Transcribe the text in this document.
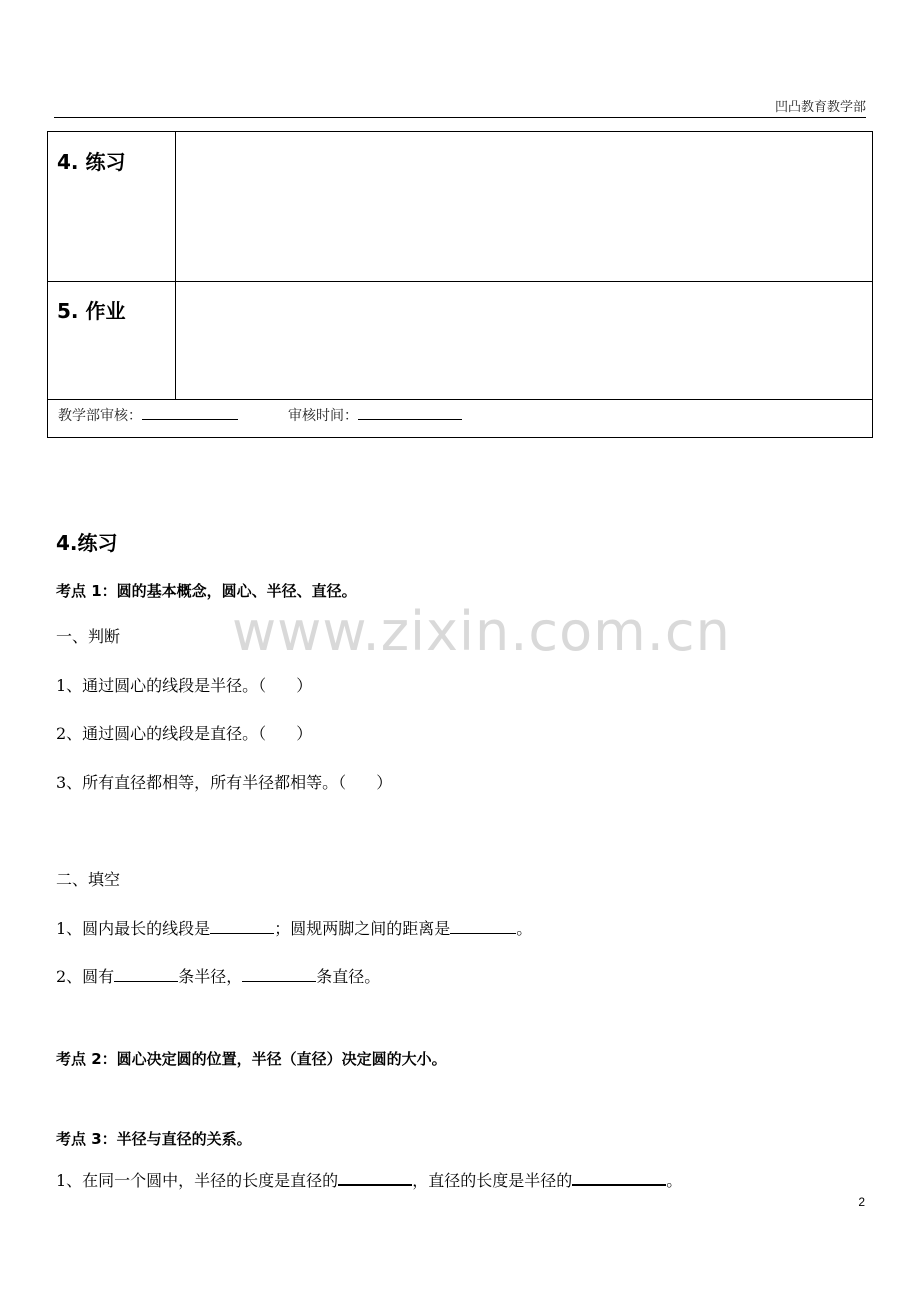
凹凸教育教学部
4. 练习
5. 作业
教学部审核：	审核时间：
www.zixin.com.cn
4.练习
考点 1：圆的基本概念，圆心、半径、直径。
一、判断
1、通过圆心的线段是半径。（ ）
2、通过圆心的线段是直径。（ ）
3、所有直径都相等，所有半径都相等。（ ）
二、填空
1、圆内最长的线段是	；圆规两脚之间的距离是	。
2、圆有	条半径，	条直径。
考点 2：圆心决定圆的位置，半径（直径）决定圆的大小。
考点 3：半径与直径的关系。
1、在同一个圆中，半径的长度是直径的	，直径的长度是半径的	。
2
